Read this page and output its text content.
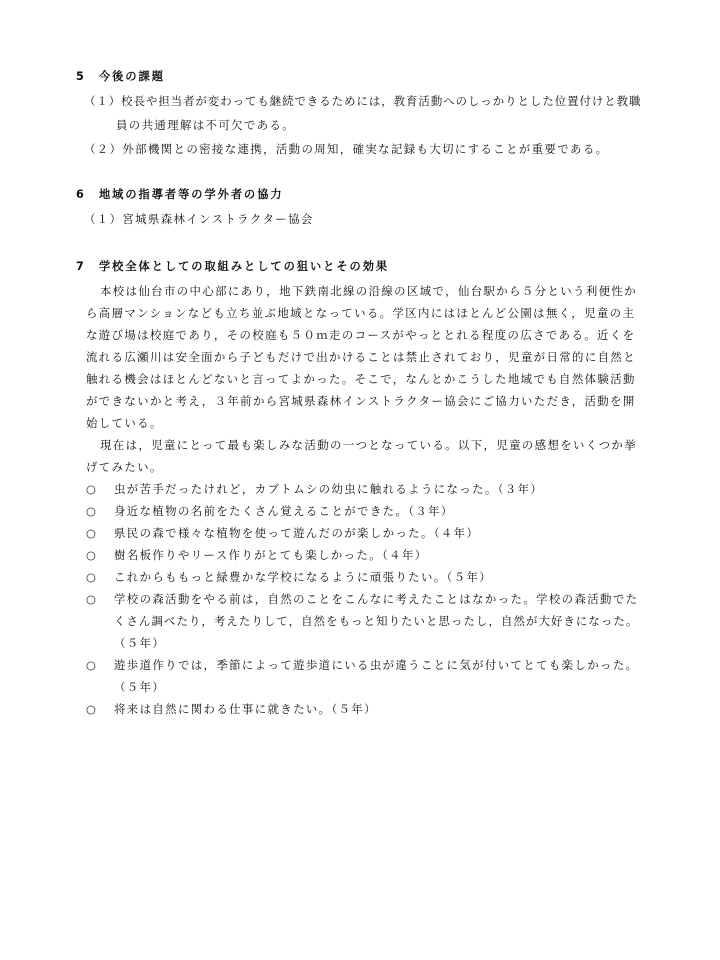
5　今後の課題
（１）校長や担当者が変わっても継続できるためには，教育活動へのしっかりとした位置付けと教職
員の共通理解は不可欠である。
（２）外部機関との密接な連携，活動の周知，確実な記録も大切にすることが重要である。
6　地域の指導者等の学外者の協力
（１）宮城県森林インストラクター協会
7　学校全体としての取組みとしての狙いとその効果
本校は仙台市の中心部にあり，地下鉄南北線の沿線の区域で，仙台駅から５分という利便性か
ら高層マンションなども立ち並ぶ地域となっている。学区内にはほとんど公園は無く，児童の主
な遊び場は校庭であり，その校庭も５０ｍ走のコースがやっととれる程度の広さである。近くを
流れる広瀬川は安全面から子どもだけで出かけることは禁止されており，児童が日常的に自然と
触れる機会はほとんどないと言ってよかった。そこで，なんとかこうした地域でも自然体験活動
ができないかと考え，３年前から宮城県森林インストラクター協会にご協力いただき，活動を開
始している。
現在は，児童にとって最も楽しみな活動の一つとなっている。以下，児童の感想をいくつか挙
げてみたい。
○ 虫が苦手だったけれど，カブトムシの幼虫に触れるようになった。（３年）
○ 身近な植物の名前をたくさん覚えることができた。（３年）
○ 県民の森で様々な植物を使って遊んだのが楽しかった。（４年）
○ 樹名板作りやリース作りがとても楽しかった。（４年）
○ これからももっと緑豊かな学校になるように頑張りたい。（５年）
○ 学校の森活動をやる前は，自然のことをこんなに考えたことはなかった。学校の森活動でた
くさん調べたり，考えたりして，自然をもっと知りたいと思ったし，自然が大好きになった。
（５年）
○ 遊歩道作りでは，季節によって遊歩道にいる虫が違うことに気が付いてとても楽しかった。
（５年）
○ 将来は自然に関わる仕事に就きたい。（５年）
